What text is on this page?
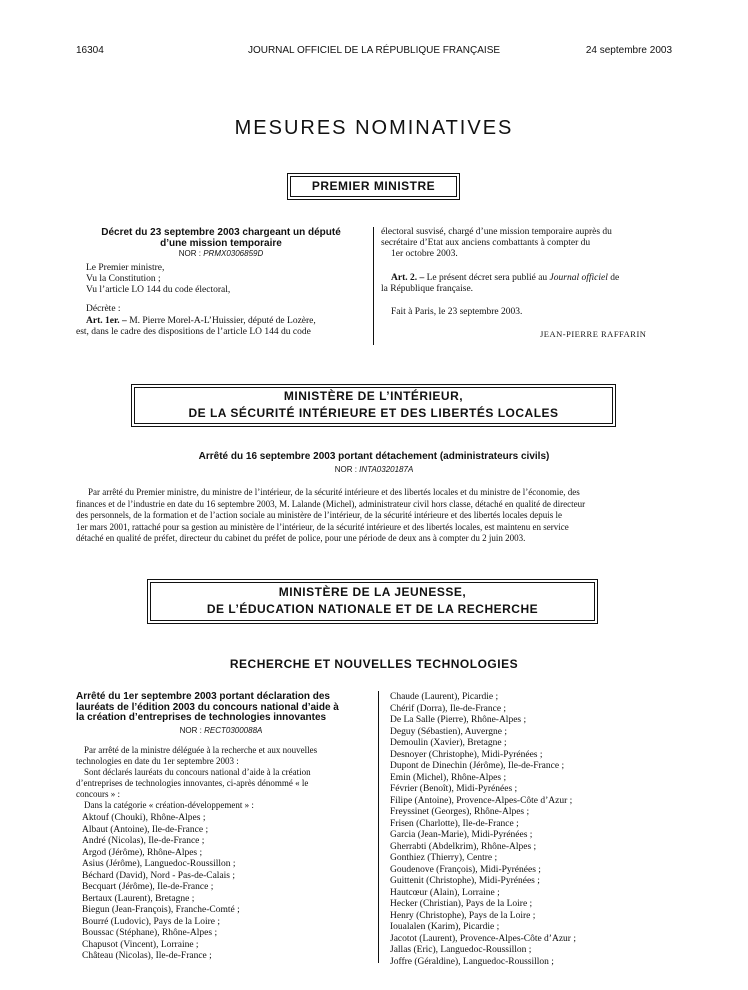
16304	JOURNAL OFFICIEL DE LA RÉPUBLIQUE FRANÇAISE	24 septembre 2003
MESURES NOMINATIVES
PREMIER MINISTRE
Décret du 23 septembre 2003 chargeant un député
d’une mission temporaire
NOR : PRMX0306859D
Le Premier ministre,
Vu la Constitution ;
Vu l’article LO 144 du code électoral,
Décrète :
Art. 1er. – M. Pierre Morel-A-L’Huissier, député de Lozère,
est, dans le cadre des dispositions de l’article LO 144 du code
électoral susvisé, chargé d’une mission temporaire auprès du
secrétaire d’Etat aux anciens combattants à compter du
1er octobre 2003.
Art. 2. – Le présent décret sera publié au Journal officiel de
la République française.
Fait à Paris, le 23 septembre 2003.
JEAN-PIERRE RAFFARIN
MINISTÈRE DE L’INTÉRIEUR,
DE LA SÉCURITÉ INTÉRIEURE ET DES LIBERTÉS LOCALES
Arrêté du 16 septembre 2003 portant détachement (administrateurs civils)
NOR : INTA0320187A
Par arrêté du Premier ministre, du ministre de l’intérieur, de la sécurité intérieure et des libertés locales et du ministre de l’économie, des
finances et de l’industrie en date du 16 septembre 2003, M. Lalande (Michel), administrateur civil hors classe, détaché en qualité de directeur
des personnels, de la formation et de l’action sociale au ministère de l’intérieur, de la sécurité intérieure et des libertés locales depuis le
1er mars 2001, rattaché pour sa gestion au ministère de l’intérieur, de la sécurité intérieure et des libertés locales, est maintenu en service
détaché en qualité de préfet, directeur du cabinet du préfet de police, pour une période de deux ans à compter du 2 juin 2003.
MINISTÈRE DE LA JEUNESSE,
DE L’ÉDUCATION NATIONALE ET DE LA RECHERCHE
RECHERCHE ET NOUVELLES TECHNOLOGIES
Arrêté du 1er septembre 2003 portant déclaration des
lauréats de l’édition 2003 du concours national d’aide à
la création d’entreprises de technologies innovantes
NOR : RECT0300088A
Par arrêté de la ministre déléguée à la recherche et aux nouvelles
technologies en date du 1er septembre 2003 :
Sont déclarés lauréats du concours national d’aide à la création
d’entreprises de technologies innovantes, ci-après dénommé « le
concours » :
Dans la catégorie « création-développement » :
Aktouf (Chouki), Rhône-Alpes ;
Albaut (Antoine), Ile-de-France ;
André (Nicolas), Ile-de-France ;
Argod (Jérôme), Rhône-Alpes ;
Asius (Jérôme), Languedoc-Roussillon ;
Béchard (David), Nord - Pas-de-Calais ;
Becquart (Jérôme), Ile-de-France ;
Bertaux (Laurent), Bretagne ;
Biegun (Jean-François), Franche-Comté ;
Bourré (Ludovic), Pays de la Loire ;
Boussac (Stéphane), Rhône-Alpes ;
Chapusot (Vincent), Lorraine ;
Château (Nicolas), Ile-de-France ;
Chaude (Laurent), Picardie ;
Chérif (Dorra), Ile-de-France ;
De La Salle (Pierre), Rhône-Alpes ;
Deguy (Sébastien), Auvergne ;
Demoulin (Xavier), Bretagne ;
Desnoyer (Christophe), Midi-Pyrénées ;
Dupont de Dinechin (Jérôme), Ile-de-France ;
Emin (Michel), Rhône-Alpes ;
Février (Benoît), Midi-Pyrénées ;
Filipe (Antoine), Provence-Alpes-Côte d’Azur ;
Freyssinet (Georges), Rhône-Alpes ;
Frisen (Charlotte), Ile-de-France ;
Garcia (Jean-Marie), Midi-Pyrénées ;
Gherrabti (Abdelkrim), Rhône-Alpes ;
Gonthiez (Thierry), Centre ;
Goudenove (François), Midi-Pyrénées ;
Guittenit (Christophe), Midi-Pyrénées ;
Hautcœur (Alain), Lorraine ;
Hecker (Christian), Pays de la Loire ;
Henry (Christophe), Pays de la Loire ;
Ioualalen (Karim), Picardie ;
Jacotot (Laurent), Provence-Alpes-Côte d’Azur ;
Jallas (Eric), Languedoc-Roussillon ;
Joffre (Géraldine), Languedoc-Roussillon ;
